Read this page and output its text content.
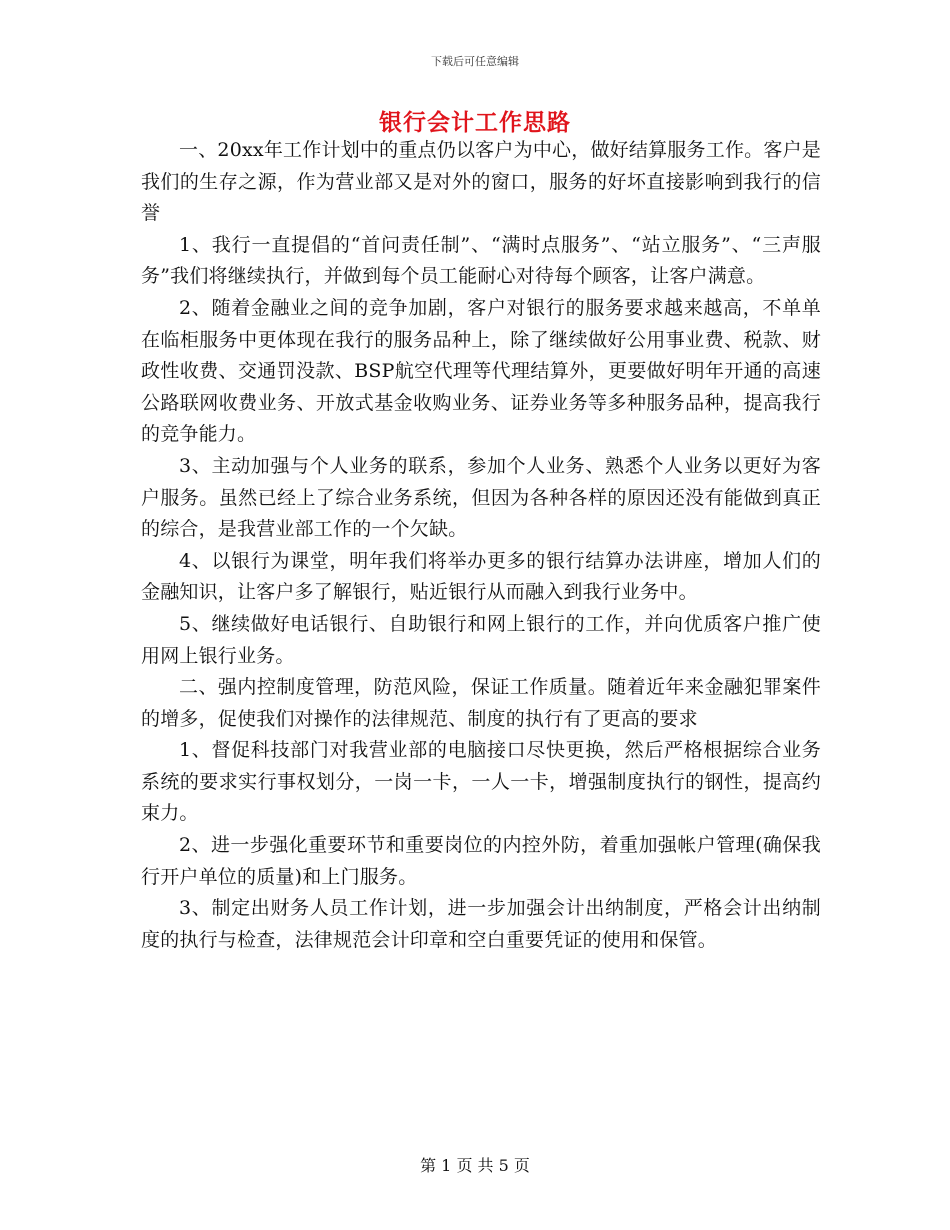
下载后可任意编辑
银行会计工作思路

一、20xx年工作计划中的重点仍以客户为中心，做好结算服务工作。客户是我们的生存之源，作为营业部又是对外的窗口，服务的好坏直接影响到我行的信誉

1、我行一直提倡的“首问责任制”、“满时点服务”、“站立服务”、“三声服务”我们将继续执行，并做到每个员工能耐心对待每个顾客，让客户满意。

2、随着金融业之间的竞争加剧，客户对银行的服务要求越来越高，不单单在临柜服务中更体现在我行的服务品种上，除了继续做好公用事业费、税款、财政性收费、交通罚没款、BSP航空代理等代理结算外，更要做好明年开通的高速公路联网收费业务、开放式基金收购业务、证券业务等多种服务品种，提高我行的竞争能力。

3、主动加强与个人业务的联系，参加个人业务、熟悉个人业务以更好为客户服务。虽然已经上了综合业务系统，但因为各种各样的原因还没有能做到真正的综合，是我营业部工作的一个欠缺。

4、以银行为课堂，明年我们将举办更多的银行结算办法讲座，增加人们的金融知识，让客户多了解银行，贴近银行从而融入到我行业务中。

5、继续做好电话银行、自助银行和网上银行的工作，并向优质客户推广使用网上银行业务。

二、强内控制度管理，防范风险，保证工作质量。随着近年来金融犯罪案件的增多，促使我们对操作的法律规范、制度的执行有了更高的要求

1、督促科技部门对我营业部的电脑接口尽快更换，然后严格根据综合业务系统的要求实行事权划分，一岗一卡，一人一卡，增强制度执行的钢性，提高约束力。

2、进一步强化重要环节和重要岗位的内控外防，着重加强帐户管理(确保我行开户单位的质量)和上门服务。

3、制定出财务人员工作计划，进一步加强会计出纳制度，严格会计出纳制度的执行与检查，法律规范会计印章和空白重要凭证的使用和保管。

第 1 页 共 5 页
